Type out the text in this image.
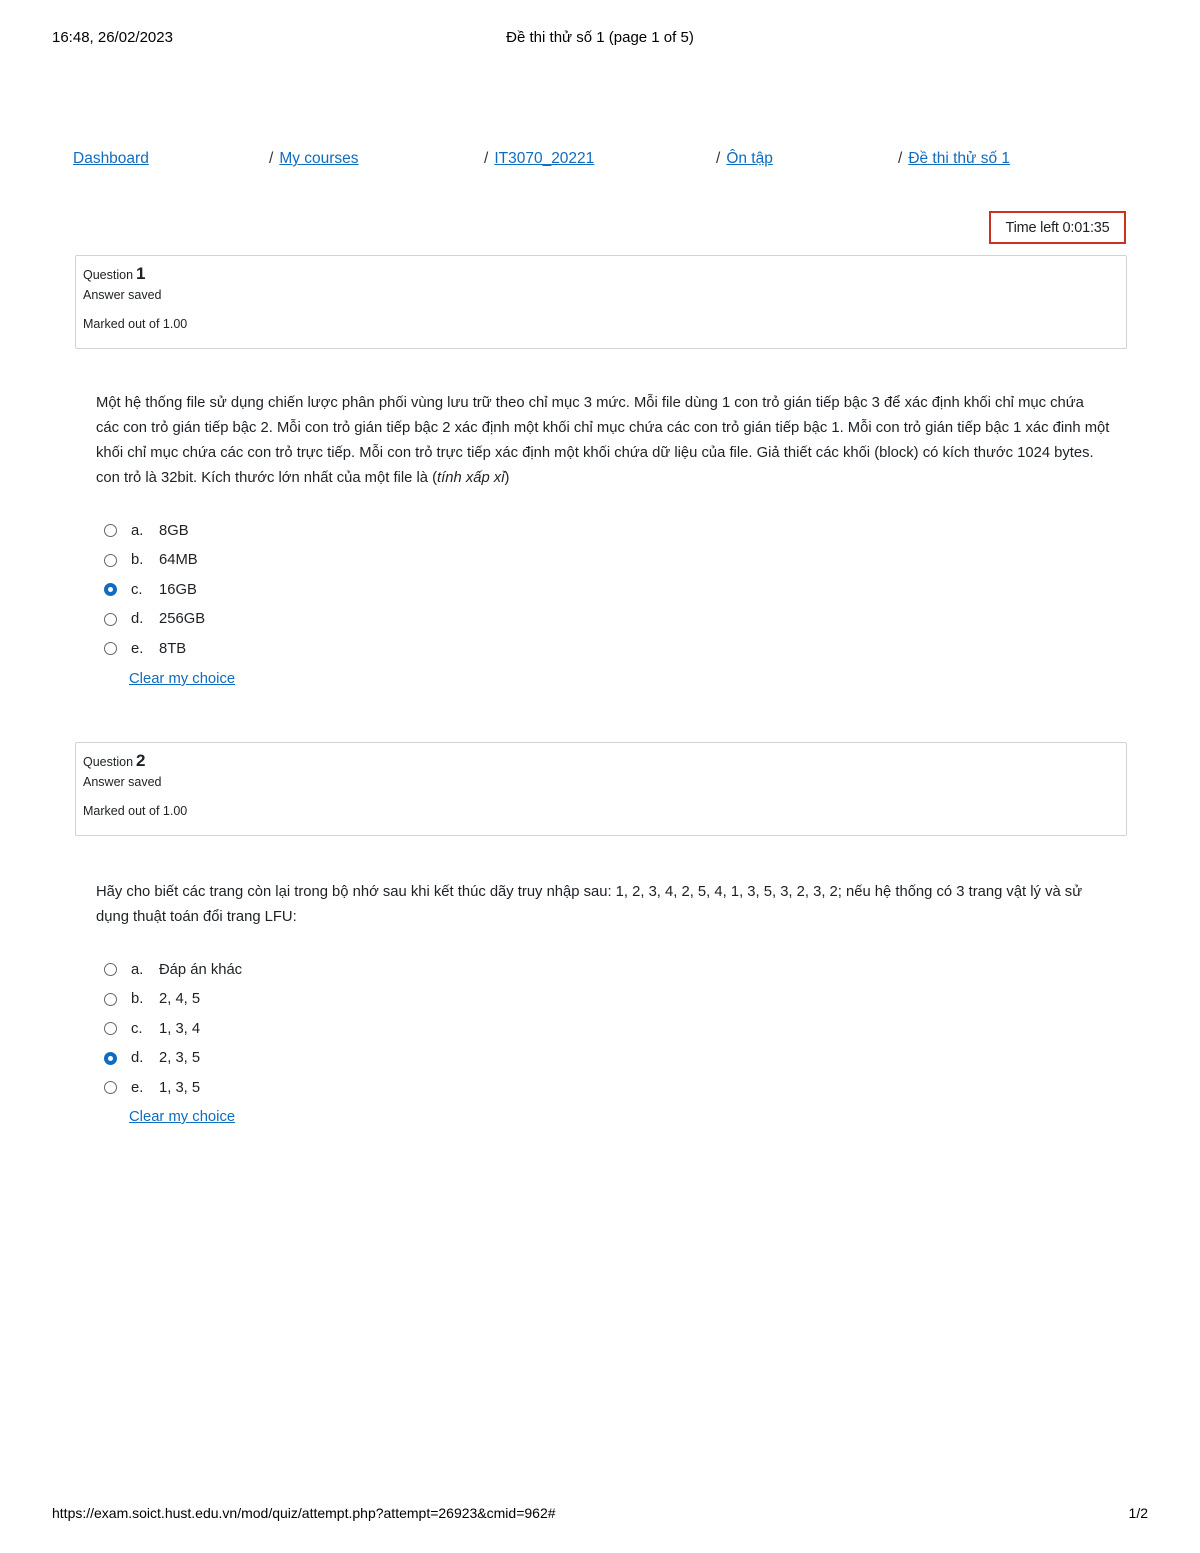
16:48, 26/02/2023	Đề thi thử số 1 (page 1 of 5)
Dashboard	/ My courses	/ IT3070_20221	/ Ôn tập	/ Đề thi thử số 1
Time left 0:01:35
Question 1
Answer saved
Marked out of 1.00
Một hệ thống file sử dụng chiến lược phân phối vùng lưu trữ theo chỉ mục 3 mức. Mỗi file dùng 1 con trỏ gián tiếp bậc 3 để xác định khối chỉ mục chứa các con trỏ gián tiếp bậc 2. Mỗi con trỏ gián tiếp bậc 2 xác định một khối chỉ mục chứa các con trỏ gián tiếp bậc 1. Mỗi con trỏ gián tiếp bậc 1 xác đinh một khối chỉ mục chứa các con trỏ trực tiếp. Mỗi con trỏ trực tiếp xác định một khối chứa dữ liệu của file. Giả thiết các khối (block) có kích thước 1024 bytes. con trỏ là 32bit. Kích thước lớn nhất của một file là (tính xấp xỉ)
a.	8GB
b.	64MB
c.	16GB
d.	256GB
e.	8TB
Clear my choice
Question 2
Answer saved
Marked out of 1.00
Hãy cho biết các trang còn lại trong bộ nhớ sau khi kết thúc dãy truy nhập sau: 1, 2, 3, 4, 2, 5, 4, 1, 3, 5, 3, 2, 3, 2; nếu hệ thống có 3 trang vật lý và sử dụng thuật toán đổi trang LFU:
a.	Đáp án khác
b.	2, 4, 5
c.	1, 3, 4
d.	2, 3, 5
e.	1, 3, 5
Clear my choice
https://exam.soict.hust.edu.vn/mod/quiz/attempt.php?attempt=26923&cmid=962#	1/2
